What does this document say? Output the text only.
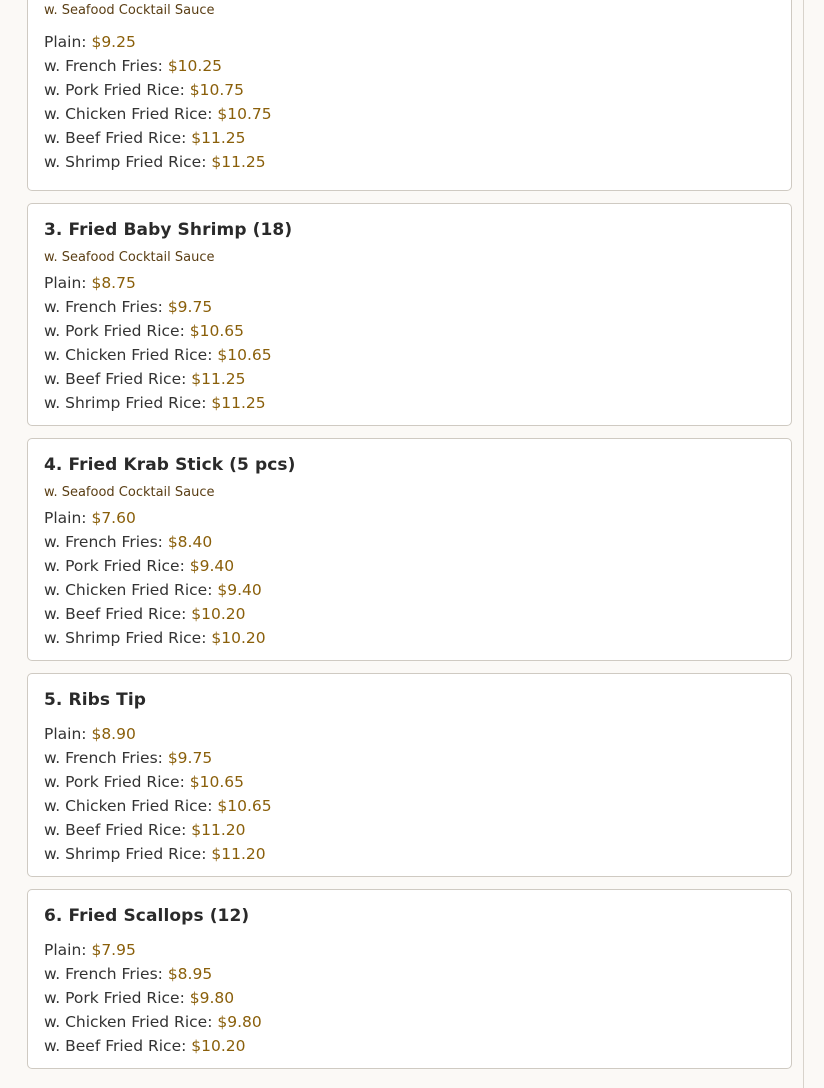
w. Seafood Cocktail Sauce
Plain: $9.25
w. French Fries: $10.25
w. Pork Fried Rice: $10.75
w. Chicken Fried Rice: $10.75
w. Beef Fried Rice: $11.25
w. Shrimp Fried Rice: $11.25
3. Fried Baby Shrimp (18)
w. Seafood Cocktail Sauce
Plain: $8.75
w. French Fries: $9.75
w. Pork Fried Rice: $10.65
w. Chicken Fried Rice: $10.65
w. Beef Fried Rice: $11.25
w. Shrimp Fried Rice: $11.25
4. Fried Krab Stick (5 pcs)
w. Seafood Cocktail Sauce
Plain: $7.60
w. French Fries: $8.40
w. Pork Fried Rice: $9.40
w. Chicken Fried Rice: $9.40
w. Beef Fried Rice: $10.20
w. Shrimp Fried Rice: $10.20
5. Ribs Tip
Plain: $8.90
w. French Fries: $9.75
w. Pork Fried Rice: $10.65
w. Chicken Fried Rice: $10.65
w. Beef Fried Rice: $11.20
w. Shrimp Fried Rice: $11.20
6. Fried Scallops (12)
Plain: $7.95
w. French Fries: $8.95
w. Pork Fried Rice: $9.80
w. Chicken Fried Rice: $9.80
w. Beef Fried Rice: $10.20
